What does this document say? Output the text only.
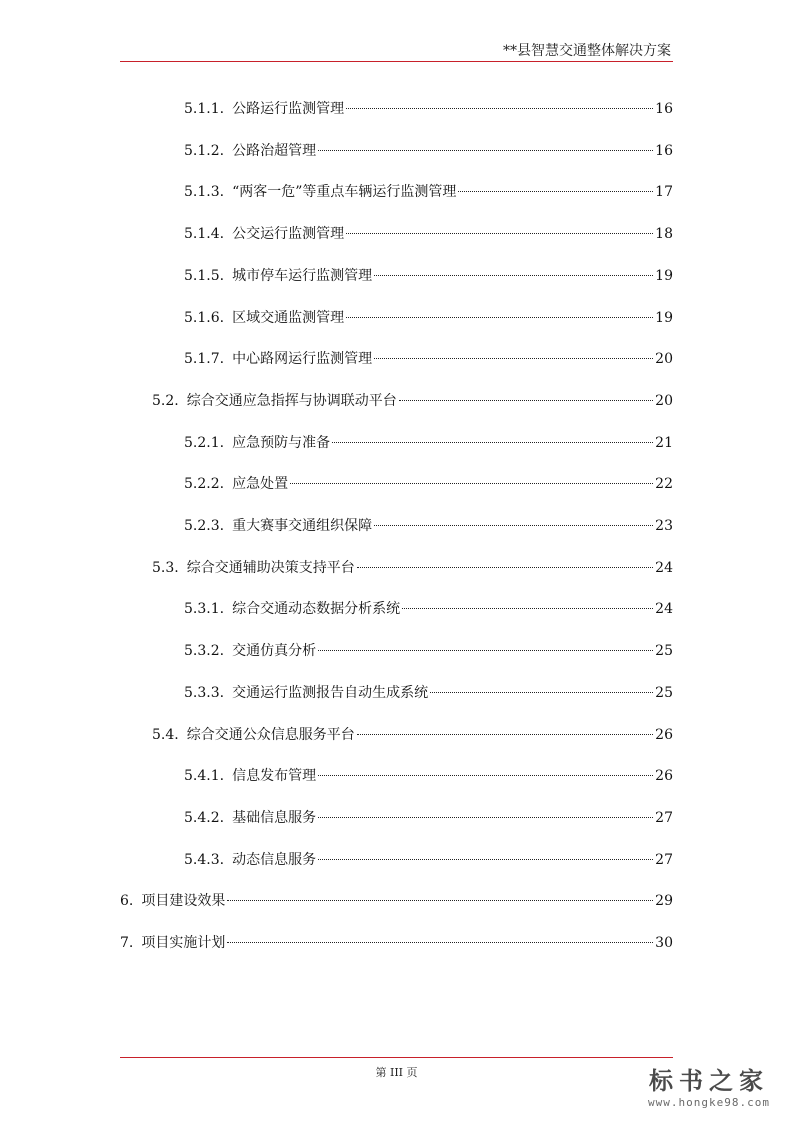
**县智慧交通整体解决方案
5.1.1. 公路运行监测管理	16
5.1.2. 公路治超管理	16
5.1.3. “两客一危”等重点车辆运行监测管理	17
5.1.4. 公交运行监测管理	18
5.1.5. 城市停车运行监测管理	19
5.1.6. 区域交通监测管理	19
5.1.7. 中心路网运行监测管理	20
5.2. 综合交通应急指挥与协调联动平台	20
5.2.1. 应急预防与准备	21
5.2.2. 应急处置	22
5.2.3. 重大赛事交通组织保障	23
5.3. 综合交通辅助决策支持平台	24
5.3.1. 综合交通动态数据分析系统	24
5.3.2. 交通仿真分析	25
5.3.3. 交通运行监测报告自动生成系统	25
5.4. 综合交通公众信息服务平台	26
5.4.1. 信息发布管理	26
5.4.2. 基础信息服务	27
5.4.3. 动态信息服务	27
6. 项目建设效果	29
7. 项目实施计划	30
第 III 页	标书之家
www.hongke98.com
